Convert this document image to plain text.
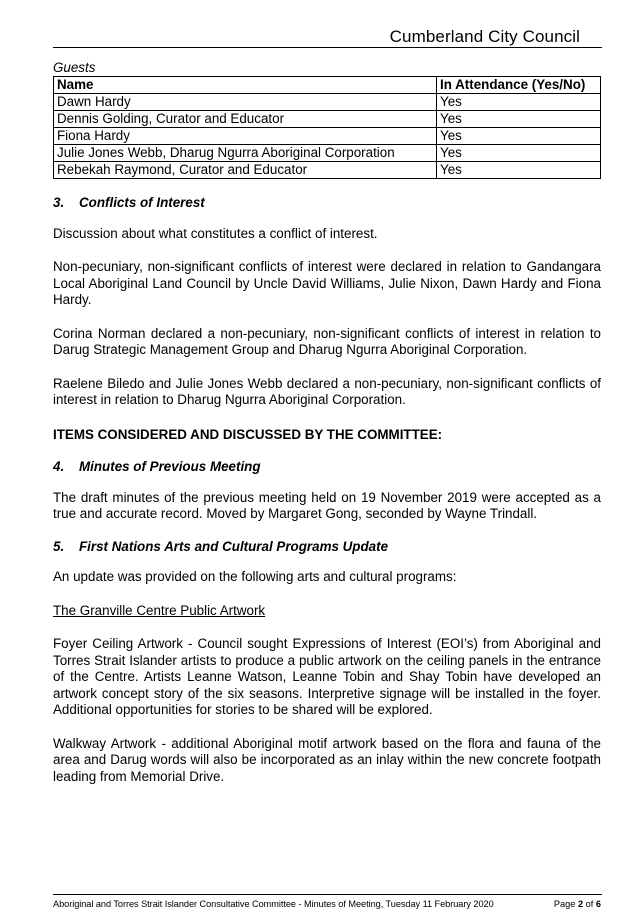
Cumberland City Council
Guests
Name	In Attendance (Yes/No)
Dawn Hardy	Yes
Dennis Golding, Curator and Educator	Yes
Fiona Hardy	Yes
Julie Jones Webb, Dharug Ngurra Aboriginal Corporation	Yes
Rebekah Raymond, Curator and Educator	Yes
3. Conflicts of Interest

Discussion about what constitutes a conflict of interest.

Non-pecuniary, non-significant conflicts of interest were declared in relation to Gandangara Local Aboriginal Land Council by Uncle David Williams, Julie Nixon, Dawn Hardy and Fiona Hardy.

Corina Norman declared a non-pecuniary, non-significant conflicts of interest in relation to Darug Strategic Management Group and Dharug Ngurra Aboriginal Corporation.

Raelene Biledo and Julie Jones Webb declared a non-pecuniary, non-significant conflicts of interest in relation to Dharug Ngurra Aboriginal Corporation.

ITEMS CONSIDERED AND DISCUSSED BY THE COMMITTEE:
4. Minutes of Previous Meeting

The draft minutes of the previous meeting held on 19 November 2019 were accepted as a true and accurate record. Moved by Margaret Gong, seconded by Wayne Trindall.

5. First Nations Arts and Cultural Programs Update

An update was provided on the following arts and cultural programs:

The Granville Centre Public Artwork

Foyer Ceiling Artwork - Council sought Expressions of Interest (EOI’s) from Aboriginal and Torres Strait Islander artists to produce a public artwork on the ceiling panels in the entrance of the Centre. Artists Leanne Watson, Leanne Tobin and Shay Tobin have developed an artwork concept story of the six seasons. Interpretive signage will be installed in the foyer. Additional opportunities for stories to be shared will be explored.

Walkway Artwork - additional Aboriginal motif artwork based on the flora and fauna of the area and Darug words will also be incorporated as an inlay within the new concrete footpath leading from Memorial Drive.

Aboriginal and Torres Strait Islander Consultative Committee - Minutes of Meeting, Tuesday 11 February 2020	Page 2 of 6
